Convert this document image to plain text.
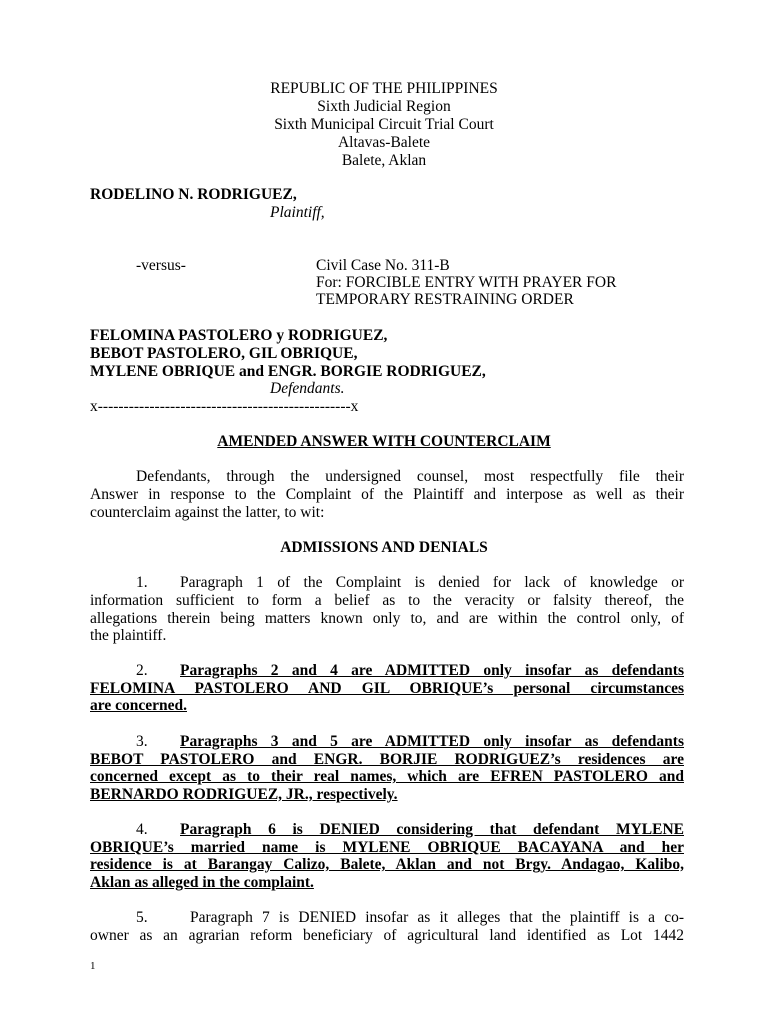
REPUBLIC OF THE PHILIPPINES
Sixth Judicial Region
Sixth Municipal Circuit Trial Court
Altavas-Balete
Balete, Aklan
RODELINO N. RODRIGUEZ,
Plaintiff,
-versus-	Civil Case No. 311-B
For: FORCIBLE ENTRY WITH PRAYER FOR
TEMPORARY RESTRAINING ORDER
FELOMINA PASTOLERO y RODRIGUEZ,
BEBOT PASTOLERO, GIL OBRIQUE,
MYLENE OBRIQUE and ENGR. BORGIE RODRIGUEZ,
Defendants.
x-------------------------------------------------x
AMENDED ANSWER WITH COUNTERCLAIM
Defendants, through the undersigned counsel, most respectfully file their
Answer in response to the Complaint of the Plaintiff and interpose as well as their
counterclaim against the latter, to wit:
ADMISSIONS AND DENIALS
1. Paragraph 1 of the Complaint is denied for lack of knowledge or
information sufficient to form a belief as to the veracity or falsity thereof, the
allegations therein being matters known only to, and are within the control only, of
the plaintiff.
2. Paragraphs 2 and 4 are ADMITTED only insofar as defendants
FELOMINA PASTOLERO AND GIL OBRIQUE’s personal circumstances
are concerned.
3. Paragraphs 3 and 5 are ADMITTED only insofar as defendants
BEBOT PASTOLERO and ENGR. BORJIE RODRIGUEZ’s residences are
concerned except as to their real names, which are EFREN PASTOLERO and
BERNARDO RODRIGUEZ, JR., respectively.
4. Paragraph 6 is DENIED considering that defendant MYLENE
OBRIQUE’s married name is MYLENE OBRIQUE BACAYANA and her
residence is at Barangay Calizo, Balete, Aklan and not Brgy. Andagao, Kalibo,
Aklan as alleged in the complaint.
5.	Paragraph 7 is DENIED insofar as it alleges that the plaintiff is a co-
owner as an agrarian reform beneficiary of agricultural land identified as Lot 1442
1
